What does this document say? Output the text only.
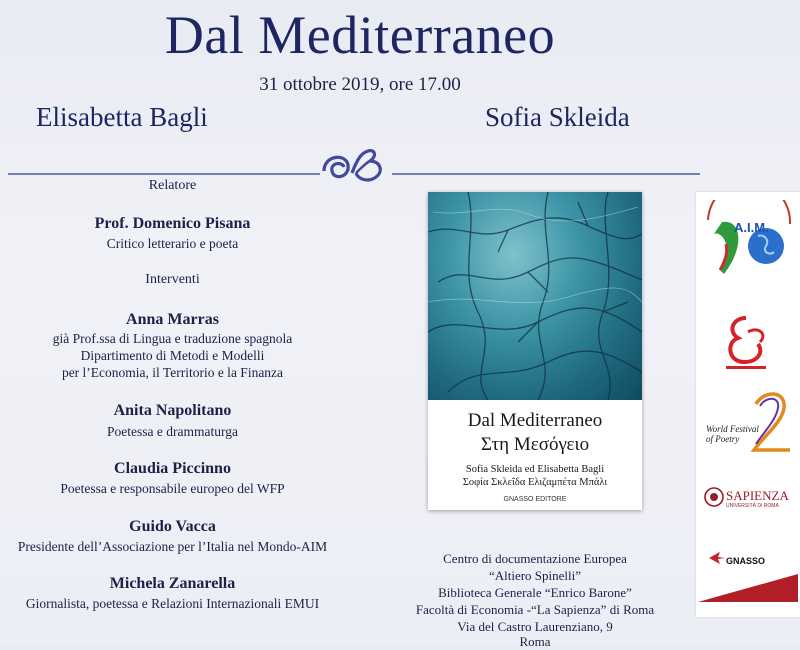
Dal Mediterraneo
31 ottobre 2019, ore 17.00
Elisabetta Bagli	Sofia Skleida
Relatore
Prof. Domenico Pisana
Critico letterario e poeta
Interventi
Anna Marras
già Prof.ssa di Lingua e traduzione spagnola
Dipartimento di Metodi e Modelli
per l’Economia, il Territorio e la Finanza
Anita Napolitano
Poetessa e drammaturga
Claudia Piccinno
Poetessa e responsabile europeo del WFP
Guido Vacca
Presidente dell’Associazione per l’Italia nel Mondo-AIM
Michela Zanarella
Giornalista, poetessa e Relazioni Internazionali EMUI
Dal Mediterraneo
Στη Μεσόγειο
Sofia Skleida ed Elisabetta Bagli
Σοφία Σκλεΐδα Ελιζαμπέτα Μπάλι
GNASSO EDITORE
Centro di documentazione Europea
“Altiero Spinelli”
Biblioteca Generale “Enrico Barone”
Facoltà di Economia -“La Sapienza” di Roma
Via del Castro Laurenziano, 9
Roma
A.I.M.
World Festival of Poetry
SAPIENZA
UNIVERSITÀ DI ROMA
GNASSO
